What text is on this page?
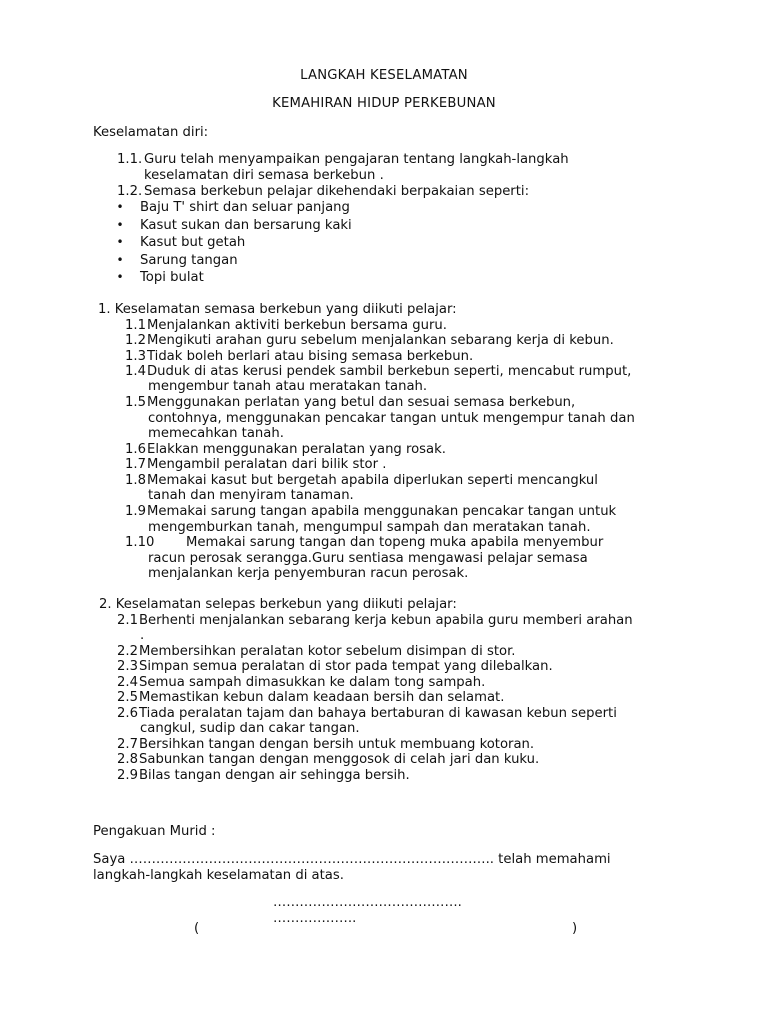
LANGKAH KESELAMATAN
KEMAHIRAN HIDUP PERKEBUNAN
Keselamatan diri:
1.1. Guru telah menyampaikan pengajaran tentang langkah-langkah
keselamatan diri semasa berkebun .
1.2. Semasa berkebun pelajar dikehendaki berpakaian seperti:
• Baju T' shirt dan seluar panjang
• Kasut sukan dan bersarung kaki
• Kasut but getah
• Sarung tangan
• Topi bulat
1. Keselamatan semasa berkebun yang diikuti pelajar:
1.1 Menjalankan aktiviti berkebun bersama guru.
1.2 Mengikuti arahan guru sebelum menjalankan sebarang kerja di kebun.
1.3 Tidak boleh berlari atau bising semasa berkebun.
1.4 Duduk di atas kerusi pendek sambil berkebun seperti, mencabut rumput,
mengembur tanah atau meratakan tanah.
1.5 Menggunakan perlatan yang betul dan sesuai semasa berkebun,
contohnya, menggunakan pencakar tangan untuk mengempur tanah dan
memecahkan tanah.
1.6 Elakkan menggunakan peralatan yang rosak.
1.7 Mengambil peralatan dari bilik stor .
1.8 Memakai kasut but bergetah apabila diperlukan seperti mencangkul
tanah dan menyiram tanaman.
1.9 Memakai sarung tangan apabila menggunakan pencakar tangan untuk
mengemburkan tanah, mengumpul sampah dan meratakan tanah.
1.10 Memakai sarung tangan dan topeng muka apabila menyembur
racun perosak serangga.Guru sentiasa mengawasi pelajar semasa
menjalankan kerja penyemburan racun perosak.
2. Keselamatan selepas berkebun yang diikuti pelajar:
2.1 Berhenti menjalankan sebarang kerja kebun apabila guru memberi arahan
.
2.2 Membersihkan peralatan kotor sebelum disimpan di stor.
2.3 Simpan semua peralatan di stor pada tempat yang dilebalkan.
2.4 Semua sampah dimasukkan ke dalam tong sampah.
2.5 Memastikan kebun dalam keadaan bersih dan selamat.
2.6 Tiada peralatan tajam dan bahaya bertaburan di kawasan kebun seperti
cangkul, sudip dan cakar tangan.
2.7 Bersihkan tangan dengan bersih untuk membuang kotoran.
2.8 Sabunkan tangan dengan menggosok di celah jari dan kuku.
2.9 Bilas tangan dengan air sehingga bersih.
Pengakuan Murid :
Saya ……………………………………………………………………….. telah memahami
langkah-langkah keselamatan di atas.
…………………………………….
……………….
(	)
